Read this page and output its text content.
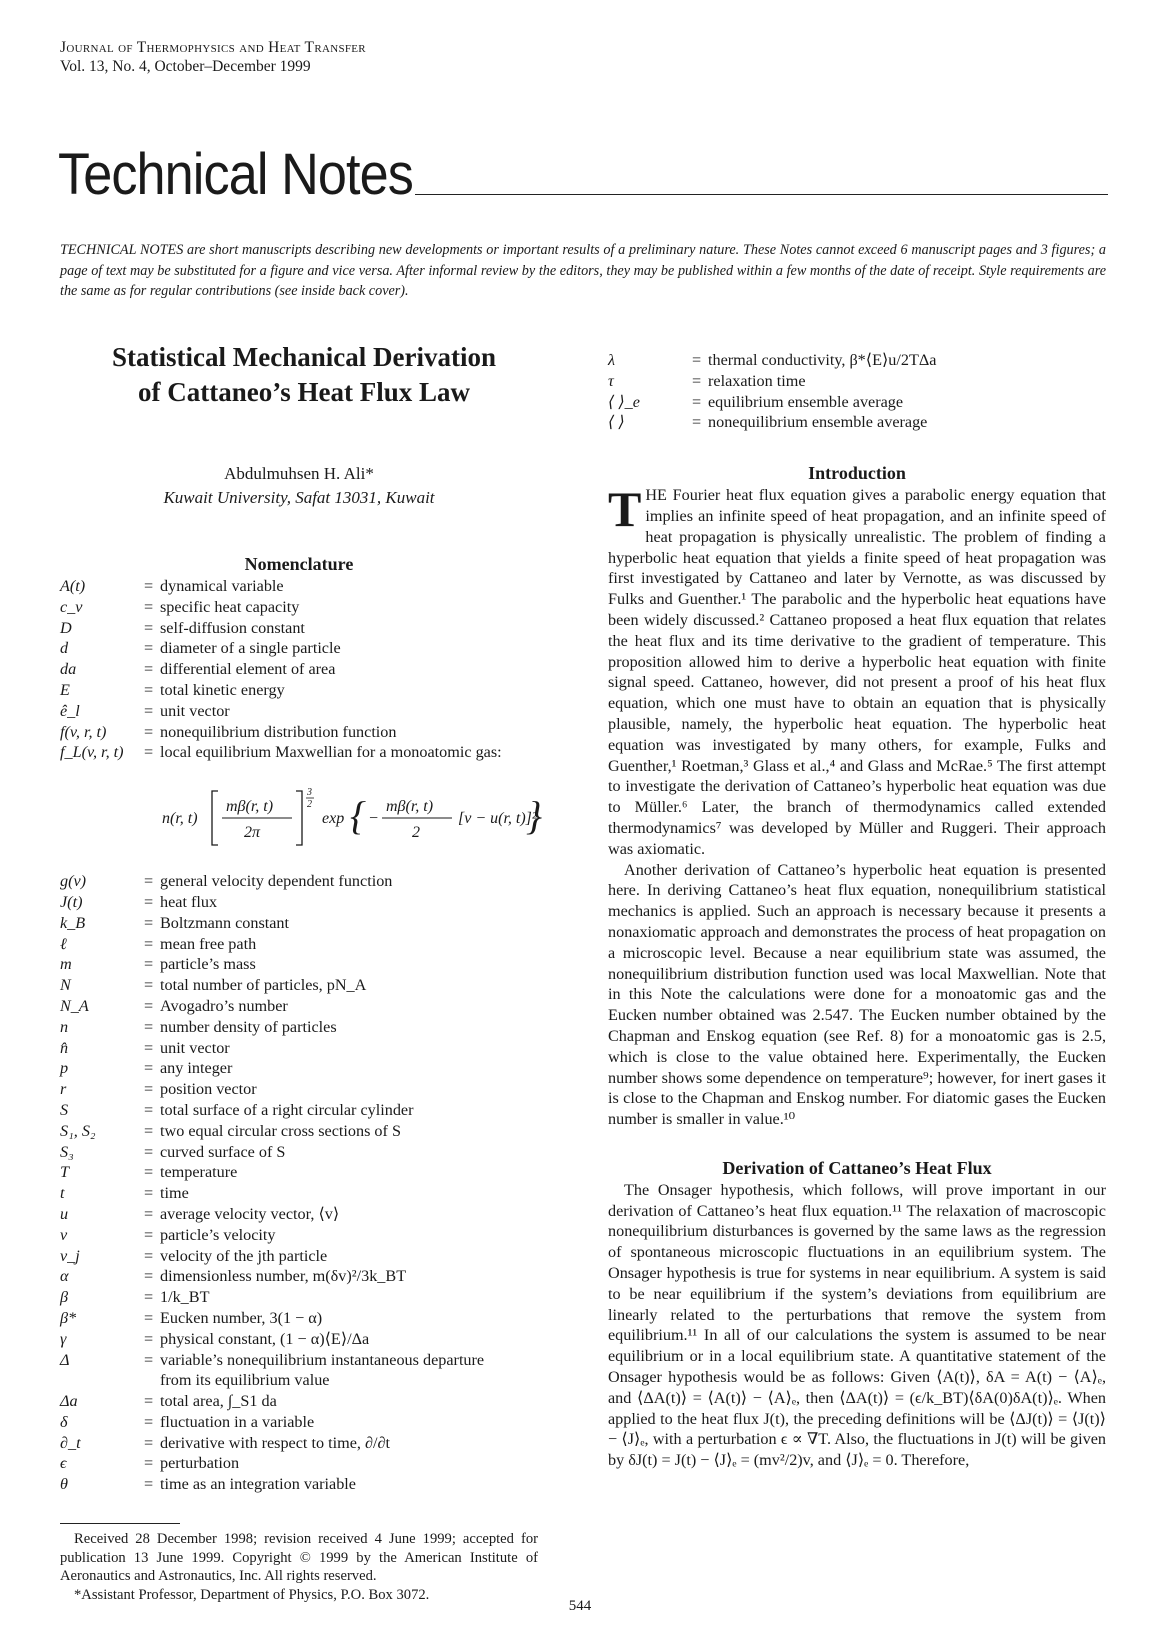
Journal of Thermophysics and Heat Transfer
Vol. 13, No. 4, October–December 1999
Technical Notes
TECHNICAL NOTES are short manuscripts describing new developments or important results of a preliminary nature. These Notes cannot exceed 6 manuscript pages and 3 figures; a page of text may be substituted for a figure and vice versa. After informal review by the editors, they may be published within a few months of the date of receipt. Style requirements are the same as for regular contributions (see inside back cover).
Statistical Mechanical Derivation
of Cattaneo’s Heat Flux Law
Abdulmuhsen H. Ali*
Kuwait University, Safat 13031, Kuwait
Nomenclature
A(t)	= dynamical variable
c_v	= specific heat capacity
D	= self-diffusion constant
d	= diameter of a single particle
da	= differential element of area
E	= total kinetic energy
ê_l	= unit vector
f(v, r, t)	= nonequilibrium distribution function
f_L(v, r, t)	= local equilibrium Maxwellian for a monoatomic gas:
n(r, t)
mβ(r, t)
2π
3
2
exp { −
mβ(r, t)
2
[v − u(r, t)]²
}
g(v)	= general velocity dependent function
J(t)	= heat flux
k_B	= Boltzmann constant
ℓ	= mean free path
m	= particle’s mass
N	= total number of particles, pN_A
N_A	= Avogadro’s number
n	= number density of particles
n̂	= unit vector
p	= any integer
r	= position vector
S	= total surface of a right circular cylinder
S₁, S₂	= two equal circular cross sections of S
S₃	= curved surface of S
T	= temperature
t	= time
u	= average velocity vector, ⟨v⟩
v	= particle’s velocity
v_j	= velocity of the jth particle
α	= dimensionless number, m(δv)²/3k_BT
β	= 1/k_BT
β*	= Eucken number, 3(1 − α)
γ	= physical constant, (1 − α)⟨E⟩/Δa
Δ	= variable’s nonequilibrium instantaneous departure
from its equilibrium value
Δa	= total area, ∫_S1 da
δ	= fluctuation in a variable
∂_t	= derivative with respect to time, ∂/∂t
ϵ	= perturbation
θ	= time as an integration variable

Received 28 December 1998; revision received 4 June 1999; accepted for publication 13 June 1999. Copyright © 1999 by the American Institute of Aeronautics and Astronautics, Inc. All rights reserved.

*Assistant Professor, Department of Physics, P.O. Box 3072.

λ	= thermal conductivity, β*⟨E⟩u/2TΔa
τ	= relaxation time
⟨ ⟩_e	= equilibrium ensemble average
⟨ ⟩	= nonequilibrium ensemble average
Introduction

THE Fourier heat flux equation gives a parabolic energy equation that implies an infinite speed of heat propagation, and an infinite speed of heat propagation is physically unrealistic. The problem of finding a hyperbolic heat equation that yields a finite speed of heat propagation was first investigated by Cattaneo and later by Vernotte, as was discussed by Fulks and Guenther.¹ The parabolic and the hyperbolic heat equations have been widely discussed.² Cattaneo proposed a heat flux equation that relates the heat flux and its time derivative to the gradient of temperature. This proposition allowed him to derive a hyperbolic heat equation with finite signal speed. Cattaneo, however, did not present a proof of his heat flux equation, which one must have to obtain an equation that is physically plausible, namely, the hyperbolic heat equation. The hyperbolic heat equation was investigated by many others, for example, Fulks and Guenther,¹ Roetman,³ Glass et al.,⁴ and Glass and McRae.⁵ The first attempt to investigate the derivation of Cattaneo’s hyperbolic heat equation was due to Müller.⁶ Later, the branch of thermodynamics called extended thermodynamics⁷ was developed by Müller and Ruggeri. Their approach was axiomatic.

Another derivation of Cattaneo’s hyperbolic heat equation is presented here. In deriving Cattaneo’s heat flux equation, nonequilibrium statistical mechanics is applied. Such an approach is necessary because it presents a nonaxiomatic approach and demonstrates the process of heat propagation on a microscopic level. Because a near equilibrium state was assumed, the nonequilibrium distribution function used was local Maxwellian. Note that in this Note the calculations were done for a monoatomic gas and the Eucken number obtained was 2.547. The Eucken number obtained by the Chapman and Enskog equation (see Ref. 8) for a monoatomic gas is 2.5, which is close to the value obtained here. Experimentally, the Eucken number shows some dependence on temperature⁹; however, for inert gases it is close to the Chapman and Enskog number. For diatomic gases the Eucken number is smaller in value.¹⁰

Derivation of Cattaneo’s Heat Flux

The Onsager hypothesis, which follows, will prove important in our derivation of Cattaneo’s heat flux equation.¹¹ The relaxation of macroscopic nonequilibrium disturbances is governed by the same laws as the regression of spontaneous microscopic fluctuations in an equilibrium system. The Onsager hypothesis is true for systems in near equilibrium. A system is said to be near equilibrium if the system’s deviations from equilibrium are linearly related to the perturbations that remove the system from equilibrium.¹¹ In all of our calculations the system is assumed to be near equilibrium or in a local equilibrium state. A quantitative statement of the Onsager hypothesis would be as follows: Given ⟨A(t)⟩, δA = A(t) − ⟨A⟩ₑ, and ⟨ΔA(t)⟩ = ⟨A(t)⟩ − ⟨A⟩ₑ, then ⟨ΔA(t)⟩ = (ϵ/k_BT)⟨δA(0)δA(t)⟩ₑ. When applied to the heat flux J(t), the preceding definitions will be ⟨ΔJ(t)⟩ = ⟨J(t)⟩ − ⟨J⟩ₑ, with a perturbation ϵ ∝ ∇T. Also, the fluctuations in J(t) will be given by δJ(t) = J(t) − ⟨J⟩ₑ = (mv²/2)v, and ⟨J⟩ₑ = 0. Therefore,

544
